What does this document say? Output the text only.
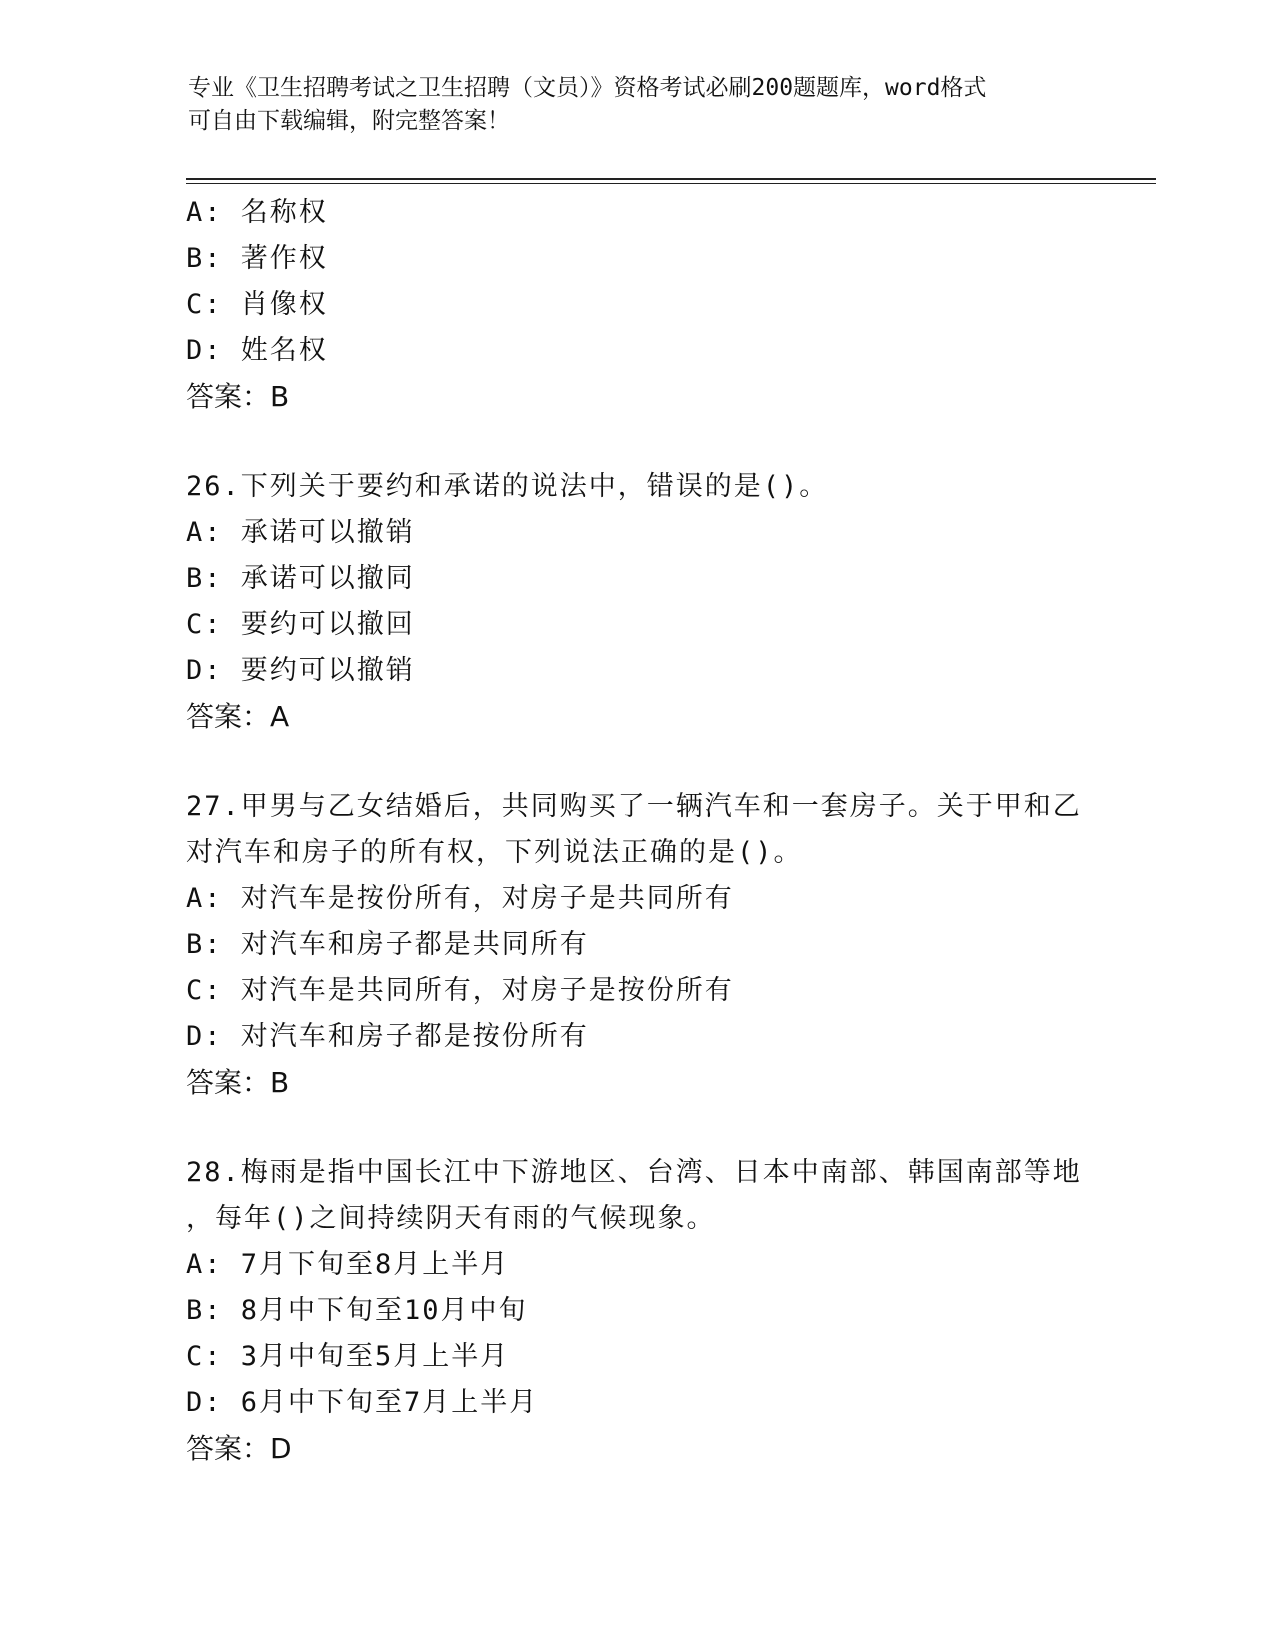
专业《卫生招聘考试之卫生招聘（文员）》资格考试必刷200题题库，word格式
可自由下载编辑，附完整答案！
A: 名称权
B: 著作权
C: 肖像权
D: 姓名权
答案：B
26.下列关于要约和承诺的说法中，错误的是()。
A: 承诺可以撤销
B: 承诺可以撤同
C: 要约可以撤回
D: 要约可以撤销
答案：A
27.甲男与乙女结婚后，共同购买了一辆汽车和一套房子。关于甲和乙
对汽车和房子的所有权，下列说法正确的是()。
A: 对汽车是按份所有，对房子是共同所有
B: 对汽车和房子都是共同所有
C: 对汽车是共同所有，对房子是按份所有
D: 对汽车和房子都是按份所有
答案：B
28.梅雨是指中国长江中下游地区、台湾、日本中南部、韩国南部等地
，每年()之间持续阴天有雨的气候现象。
A: 7月下旬至8月上半月
B: 8月中下旬至10月中旬
C: 3月中旬至5月上半月
D: 6月中下旬至7月上半月
答案：D
